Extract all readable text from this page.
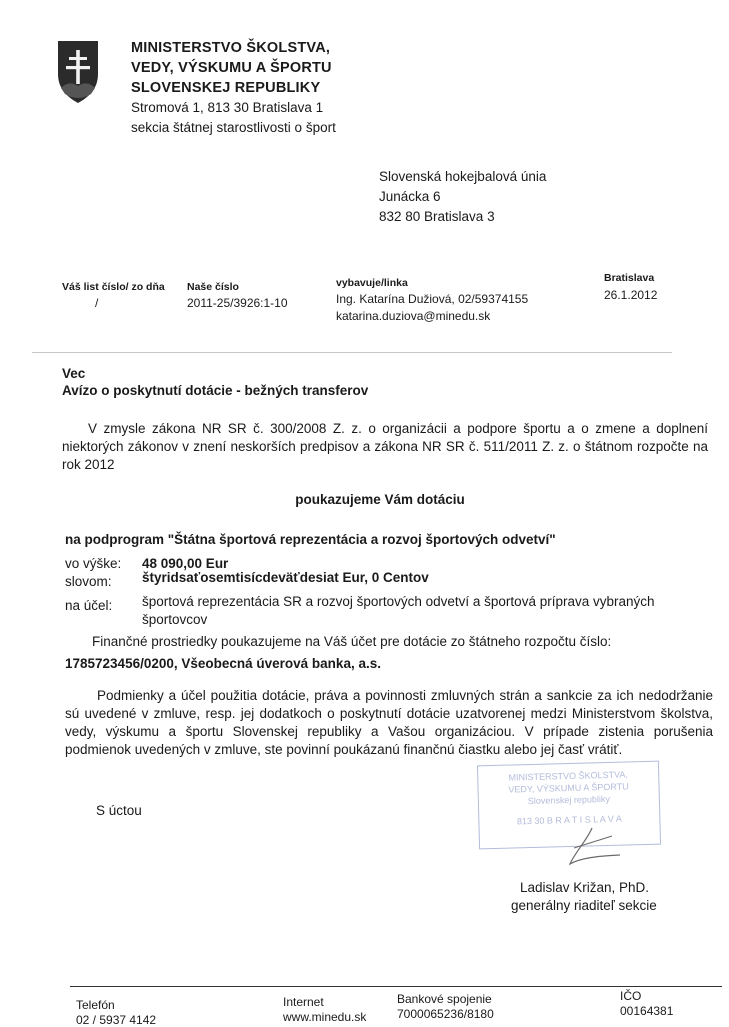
MINISTERSTVO ŠKOLSTVA,
VEDY, VÝSKUMU A ŠPORTU
SLOVENSKEJ REPUBLIKY
Stromová 1, 813 30 Bratislava 1
sekcia štátnej starostlivosti o šport
Slovenská hokejbalová únia
Junácka 6
832 80 Bratislava 3
Váš list číslo/ zo dňa
/
Naše číslo
2011-25/3926:1-10
vybavuje/linka
Ing. Katarína Dužiová, 02/59374155
katarina.duziova@minedu.sk
Bratislava
26.1.2012
Vec
Avízo o poskytnutí dotácie - bežných transferov
V zmysle zákona NR SR č. 300/2008 Z. z. o organizácii a podpore športu a o zmene a doplnení niektorých zákonov v znení neskorších predpisov a zákona NR SR č. 511/2011 Z. z. o štátnom rozpočte na rok 2012
poukazujeme Vám dotáciu
na podprogram "Štátna športová reprezentácia a rozvoj športových odvetví"
vo výške: 48 090,00 Eur
slovom: štyridsaťosemtisícdeväťdesiat Eur, 0 Centov
na účel: športová reprezentácia SR a rozvoj športových odvetví a športová príprava vybraných športovcov
Finančné prostriedky poukazujeme na Váš účet pre dotácie zo štátneho rozpočtu číslo:
1785723456/0200, Všeobecná úverová banka, a.s.
Podmienky a účel použitia dotácie, práva a povinnosti zmluvných strán a sankcie za ich nedodržanie sú uvedené v zmluve, resp. jej dodatkoch o poskytnutí dotácie uzatvorenej medzi Ministerstvom školstva, vedy, výskumu a športu Slovenskej republiky a Vašou organizáciou. V prípade zistenia porušenia podmienok uvedených v zmluve, ste povinní poukázanú finančnú čiastku alebo jej časť vrátiť.
S úctou
MINISTERSTVO ŠKOLSTVA,
VEDY, VÝSKUMU A ŠPORTU
Slovenskej republiky
813 30 B R A T I S L A V A
Ladislav Križan, PhD.
generálny riaditeľ sekcie
Telefón
02 / 5937 4142
Internet
www.minedu.sk
Bankové spojenie
7000065236/8180
IČO
00164381
